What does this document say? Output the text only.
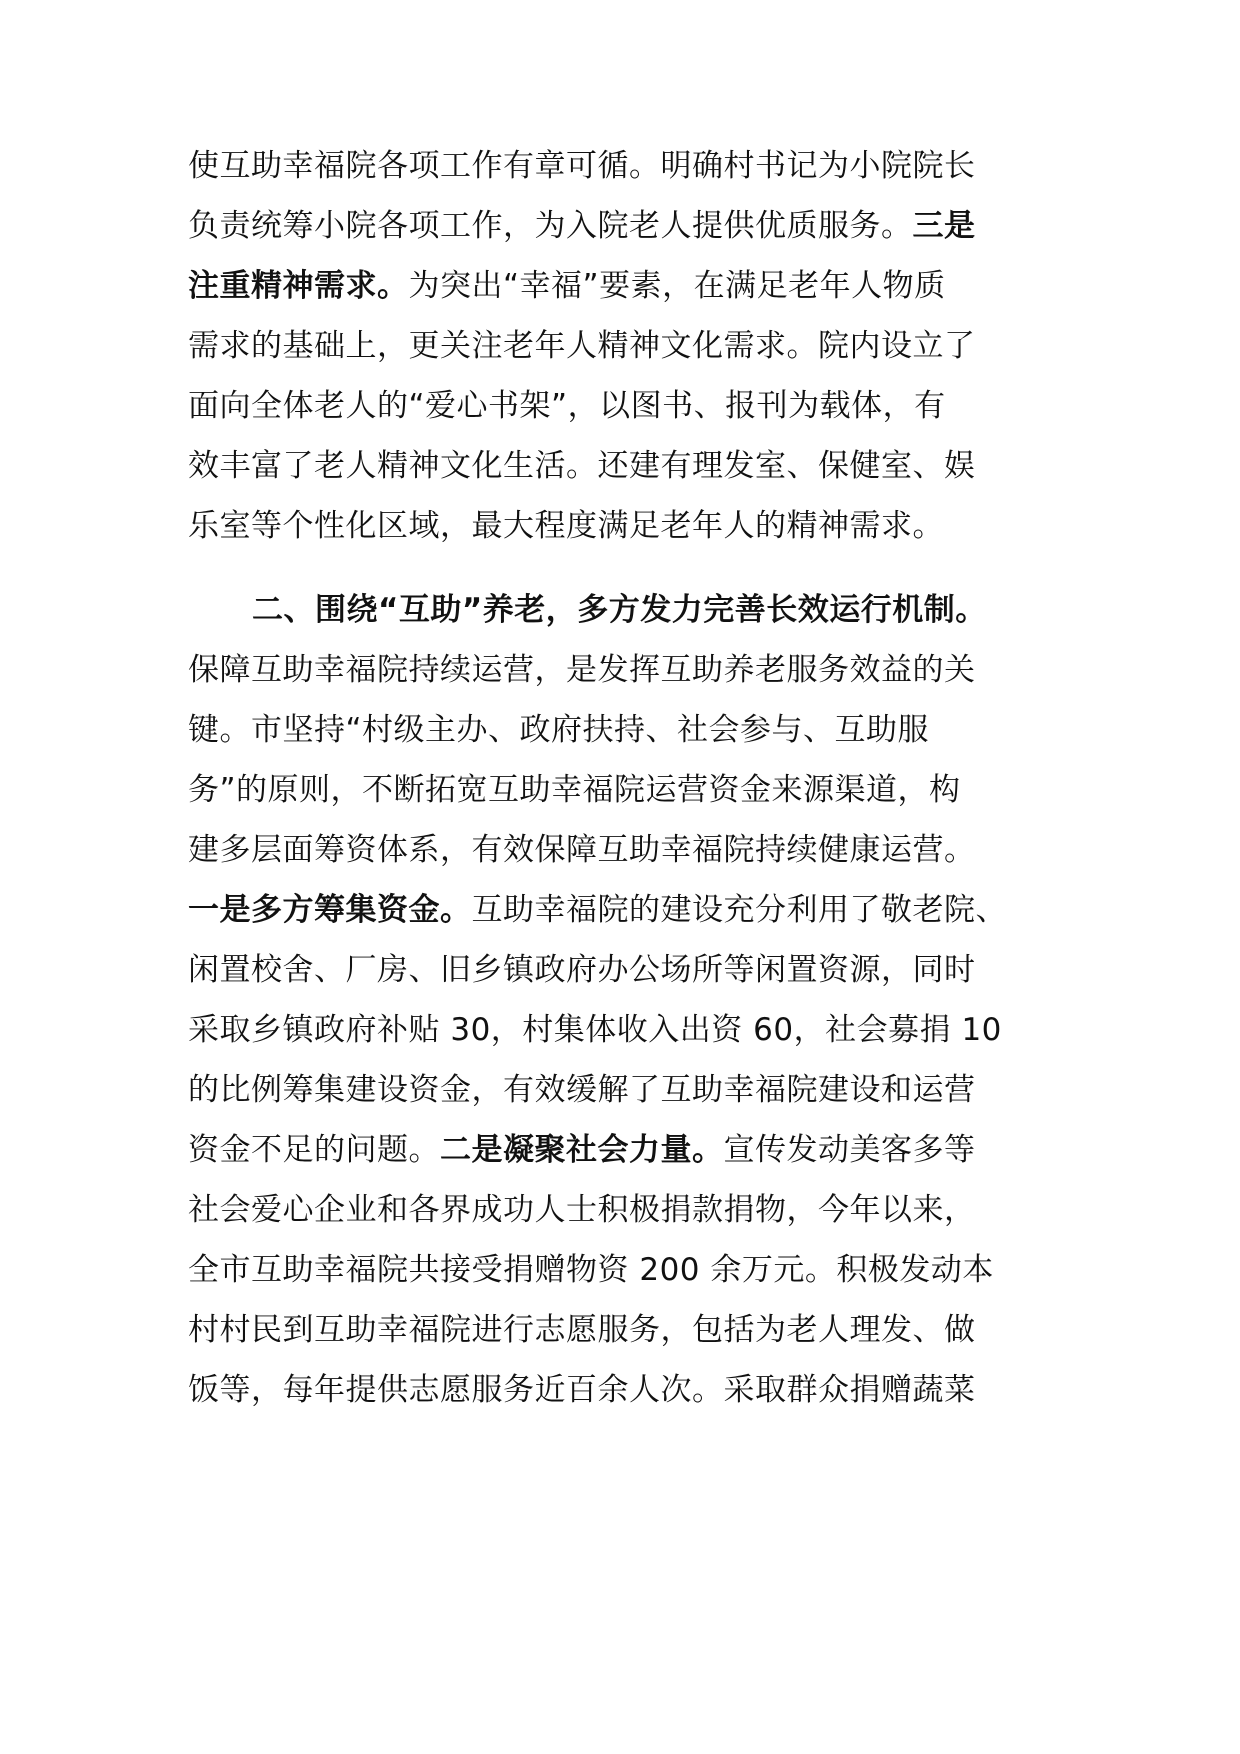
使互助幸福院各项工作有章可循。明确村书记为小院院长
负责统筹小院各项工作，为入院老人提供优质服务。三是
注重精神需求。为突出“幸福”要素，在满足老年人物质
需求的基础上，更关注老年人精神文化需求。院内设立了
面向全体老人的“爱心书架”，以图书、报刊为载体，有
效丰富了老人精神文化生活。还建有理发室、保健室、娱
乐室等个性化区域，最大程度满足老年人的精神需求。
二、围绕“互助”养老，多方发力完善长效运行机制。
保障互助幸福院持续运营，是发挥互助养老服务效益的关
键。市坚持“村级主办、政府扶持、社会参与、互助服
务”的原则，不断拓宽互助幸福院运营资金来源渠道，构
建多层面筹资体系，有效保障互助幸福院持续健康运营。
一是多方筹集资金。互助幸福院的建设充分利用了敬老院、
闲置校舍、厂房、旧乡镇政府办公场所等闲置资源，同时
采取乡镇政府补贴 30，村集体收入出资 60，社会募捐 10
的比例筹集建设资金，有效缓解了互助幸福院建设和运营
资金不足的问题。二是凝聚社会力量。宣传发动美客多等
社会爱心企业和各界成功人士积极捐款捐物，今年以来，
全市互助幸福院共接受捐赠物资 200 余万元。积极发动本
村村民到互助幸福院进行志愿服务，包括为老人理发、做
饭等，每年提供志愿服务近百余人次。采取群众捐赠蔬菜
